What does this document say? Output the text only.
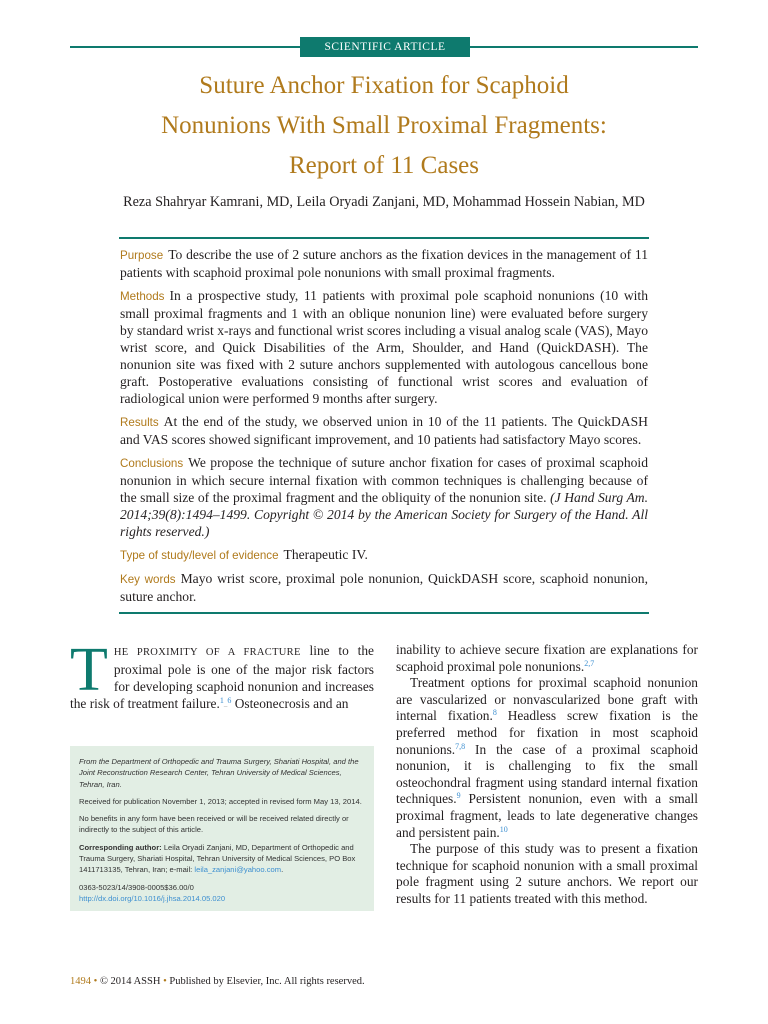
SCIENTIFIC ARTICLE
Suture Anchor Fixation for Scaphoid
Nonunions With Small Proximal Fragments:
Report of 11 Cases
Reza Shahryar Kamrani, MD, Leila Oryadi Zanjani, MD, Mohammad Hossein Nabian, MD

Purpose To describe the use of 2 suture anchors as the fixation devices in the management of 11 patients with scaphoid proximal pole nonunions with small proximal fragments.

Methods In a prospective study, 11 patients with proximal pole scaphoid nonunions (10 with small proximal fragments and 1 with an oblique nonunion line) were evaluated before surgery by standard wrist x-rays and functional wrist scores including a visual analog scale (VAS), Mayo wrist score, and Quick Disabilities of the Arm, Shoulder, and Hand (QuickDASH). The nonunion site was fixed with 2 suture anchors supplemented with autologous cancellous bone graft. Postoperative evaluations consisting of functional wrist scores and evaluation of radiological union were performed 9 months after surgery.

Results At the end of the study, we observed union in 10 of the 11 patients. The QuickDASH and VAS scores showed significant improvement, and 10 patients had satisfactory Mayo scores.

Conclusions We propose the technique of suture anchor fixation for cases of proximal scaphoid nonunion in which secure internal fixation with common techniques is challenging because of the small size of the proximal fragment and the obliquity of the nonunion site. (J Hand Surg Am. 2014;39(8):1494–1499. Copyright © 2014 by the American Society for Surgery of the Hand. All rights reserved.)

Type of study/level of evidence Therapeutic IV.

Key words Mayo wrist score, proximal pole nonunion, QuickDASH score, scaphoid nonunion, suture anchor.

THE PROXIMITY OF A FRACTURE line to the proximal pole is one of the major risk factors for developing scaphoid nonunion and increases the risk of treatment failure.$^1$–$^6$ Osteonecrosis and an

From the Department of Orthopedic and Trauma Surgery, Shariati Hospital, and the Joint Reconstruction Research Center, Tehran University of Medical Sciences, Tehran, Iran.

Received for publication November 1, 2013; accepted in revised form May 13, 2014.

No benefits in any form have been received or will be received related directly or indirectly to the subject of this article.

Corresponding author: Leila Oryadi Zanjani, MD, Department of Orthopedic and Trauma Surgery, Shariati Hospital, Tehran University of Medical Sciences, PO Box 1411713135, Tehran, Iran; e-mail: leila_zanjani@yahoo.com.

0363-5023/14/3908-0005$36.00/0
http://dx.doi.org/10.1016/j.jhsa.2014.05.020

inability to achieve secure fixation are explanations for scaphoid proximal pole nonunions.$^{2,7}$

Treatment options for proximal scaphoid nonunion are vascularized or nonvascularized bone graft with internal fixation.$^8$ Headless screw fixation is the preferred method for fixation in most scaphoid nonunions.$^{7,8}$ In the case of a proximal scaphoid nonunion, it is challenging to fix the small osteochondral fragment using standard internal fixation techniques.$^9$ Persistent nonunion, even with a small proximal fragment, leads to late degenerative changes and persistent pain.$^{10}$

The purpose of this study was to present a fixation technique for scaphoid nonunion with a small proximal pole fragment using 2 suture anchors. We report our results for 11 patients treated with this method.

1494 • © 2014 ASSH • Published by Elsevier, Inc. All rights reserved.
